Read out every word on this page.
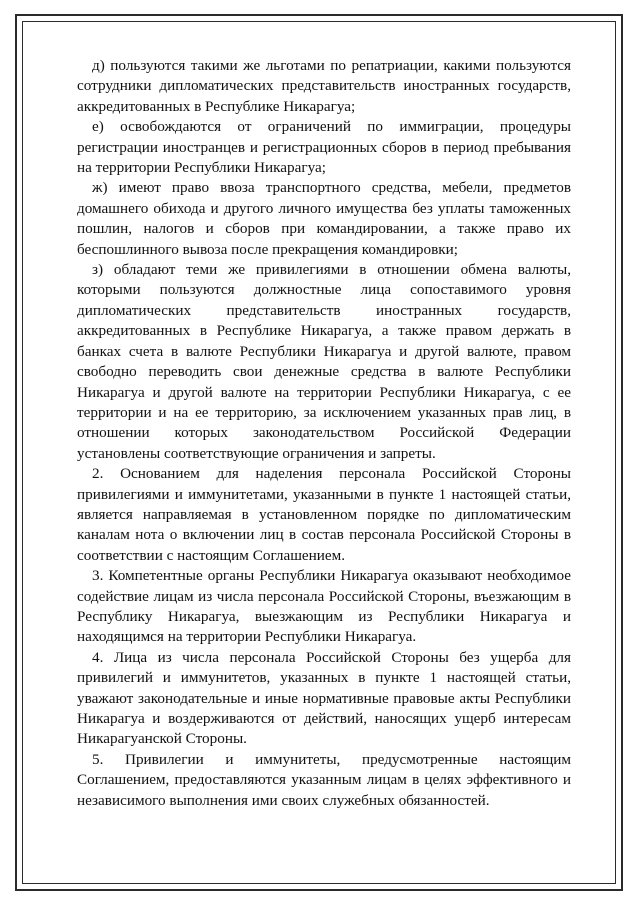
д) пользуются такими же льготами по репатриации, какими пользуются сотрудники дипломатических представительств иностранных государств, аккредитованных в Республике Никарагуа;

е) освобождаются от ограничений по иммиграции, процедуры регистрации иностранцев и регистрационных сборов в период пребывания на территории Республики Никарагуа;

ж) имеют право ввоза транспортного средства, мебели, предметов домашнего обихода и другого личного имущества без уплаты таможенных пошлин, налогов и сборов при командировании, а также право их беспошлинного вывоза после прекращения командировки;

з) обладают теми же привилегиями в отношении обмена валюты, которыми пользуются должностные лица сопоставимого уровня дипломатических представительств иностранных государств, аккредитованных в Республике Никарагуа, а также правом держать в банках счета в валюте Республики Никарагуа и другой валюте, правом свободно переводить свои денежные средства в валюте Республики Никарагуа и другой валюте на территории Республики Никарагуа, с ее территории и на ее территорию, за исключением указанных прав лиц, в отношении которых законодательством Российской Федерации установлены соответствующие ограничения и запреты.

2. Основанием для наделения персонала Российской Стороны привилегиями и иммунитетами, указанными в пункте 1 настоящей статьи, является направляемая в установленном порядке по дипломатическим каналам нота о включении лиц в состав персонала Российской Стороны в соответствии с настоящим Соглашением.

3. Компетентные органы Республики Никарагуа оказывают необходимое содействие лицам из числа персонала Российской Стороны, въезжающим в Республику Никарагуа, выезжающим из Республики Никарагуа и находящимся на территории Республики Никарагуа.

4. Лица из числа персонала Российской Стороны без ущерба для привилегий и иммунитетов, указанных в пункте 1 настоящей статьи, уважают законодательные и иные нормативные правовые акты Республики Никарагуа и воздерживаются от действий, наносящих ущерб интересам Никарагуанской Стороны.

5. Привилегии и иммунитеты, предусмотренные настоящим Соглашением, предоставляются указанным лицам в целях эффективного и независимого выполнения ими своих служебных обязанностей.
